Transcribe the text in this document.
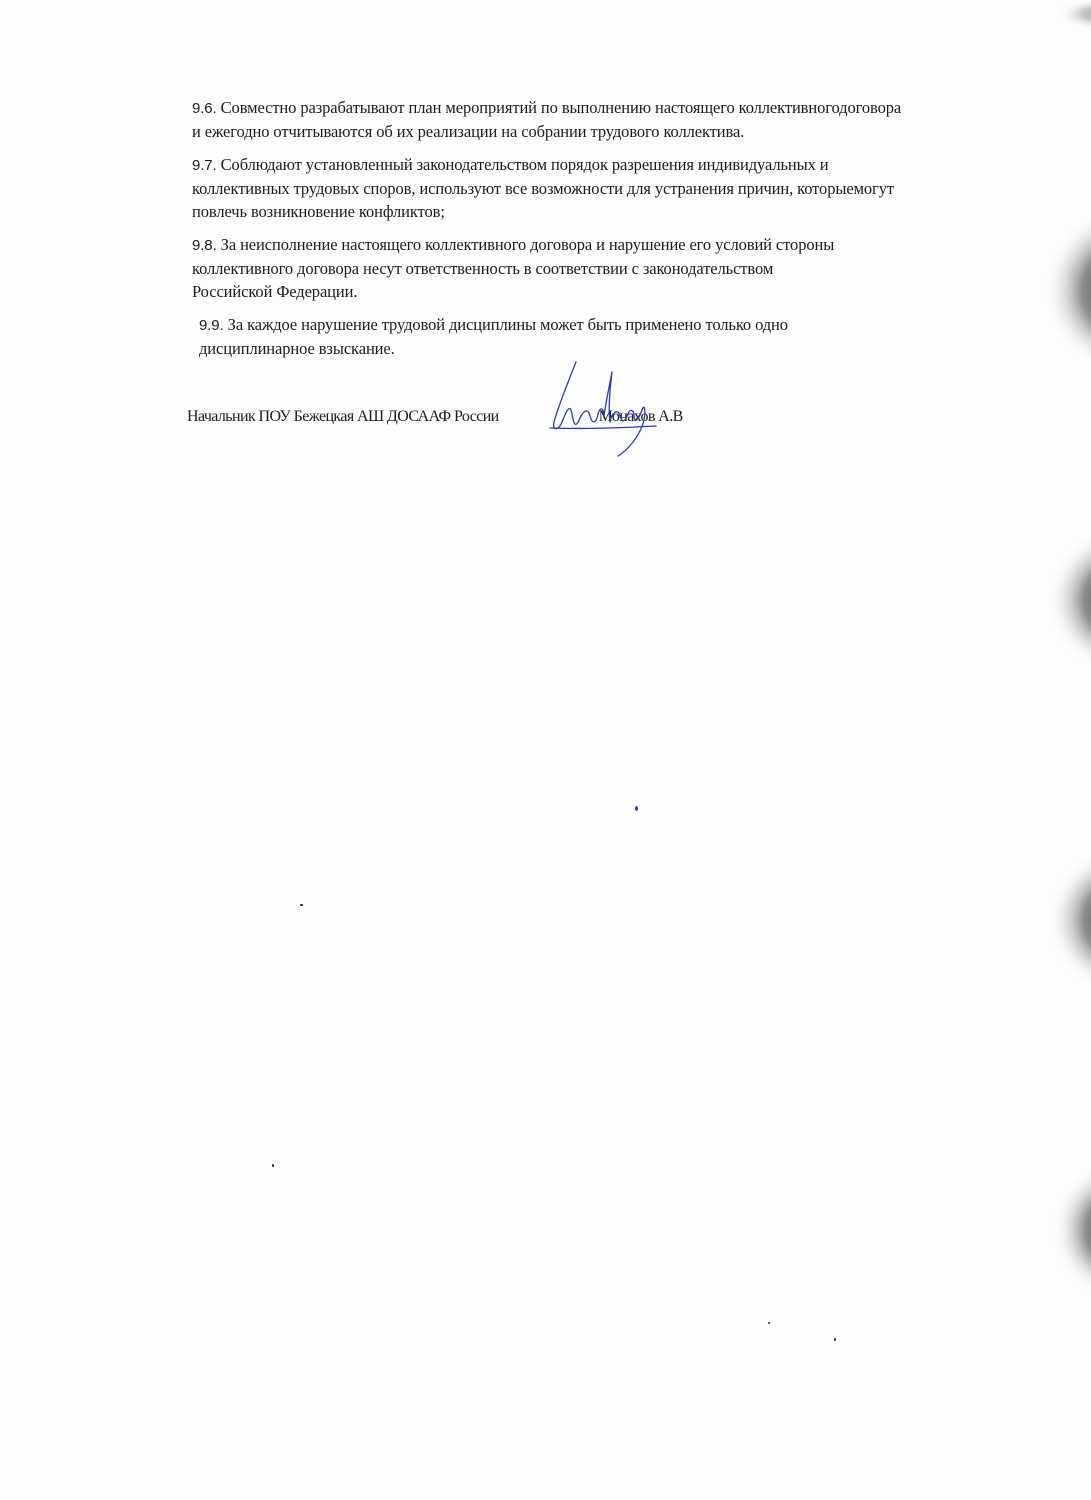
9.6. Совместно разрабатывают план мероприятий по выполнению настоящего коллективногодоговора
и ежегодно отчитываются об их реализации на собрании трудового коллектива.

9.7. Соблюдают установленный законодательством порядок разрешения индивидуальных и
коллективных трудовых споров, используют все возможности для устранения причин, которыемогут
повлечь возникновение конфликтов;

9.8. За неисполнение настоящего коллективного договора и нарушение его условий стороны
коллективного договора несут ответственность в соответствии с законодательством
Российской Федерации.

9.9. За каждое нарушение трудовой дисциплины может быть применено только одно
дисциплинарное взыскание.

Начальник ПОУ Бежецкая АШ ДОСААФ России	Монахов А.В
